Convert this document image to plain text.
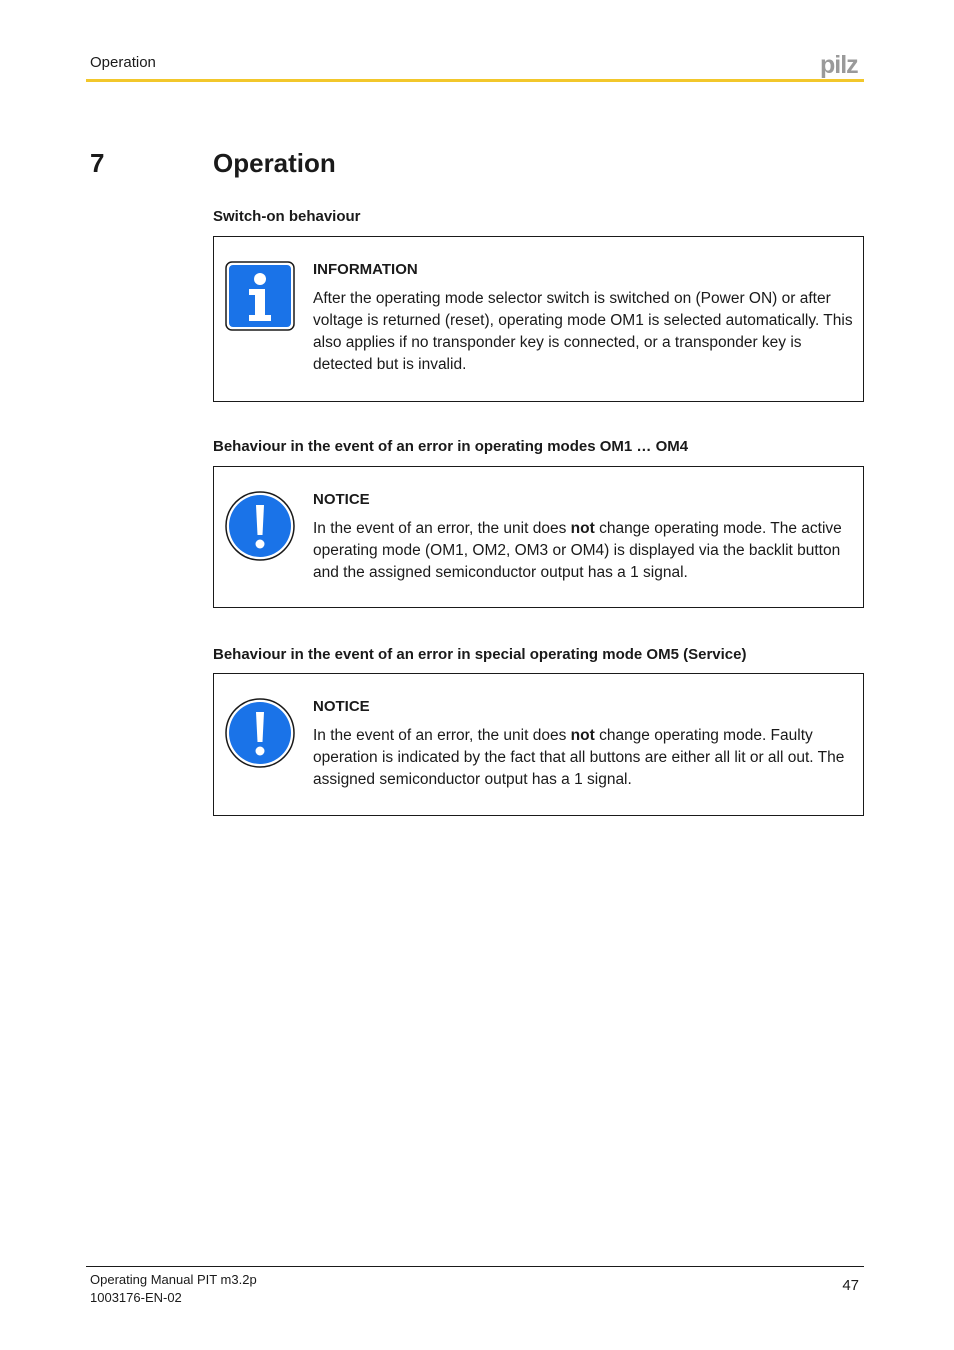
Operation	pilz
7	Operation
Switch-on behaviour
INFORMATION
After the operating mode selector switch is switched on (Power ON) or after voltage is returned (reset), operating mode OM1 is selected automatically. This also applies if no transponder key is connected, or a transponder key is detected but is invalid.
Behaviour in the event of an error in operating modes OM1 … OM4
NOTICE
In the event of an error, the unit does not change operating mode. The active operating mode (OM1, OM2, OM3 or OM4) is displayed via the backlit button and the assigned semiconductor output has a 1 signal.
Behaviour in the event of an error in special operating mode OM5 (Service)
NOTICE
In the event of an error, the unit does not change operating mode. Faulty operation is indicated by the fact that all buttons are either all lit or all out. The assigned semiconductor output has a 1 signal.
Operating Manual PIT m3.2p
1003176-EN-02
47
